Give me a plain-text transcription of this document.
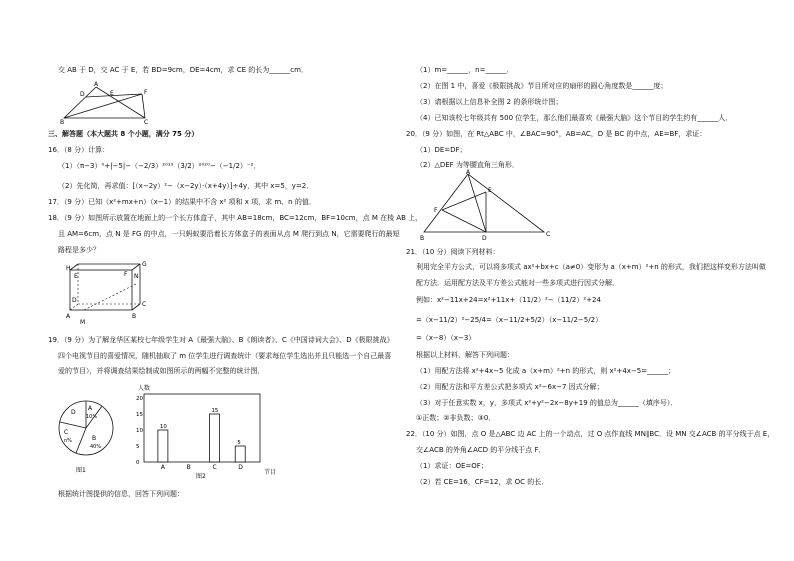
交 AB 于 D，交 AC 于 E，若 BD=9cm，DE=4cm，求 CE 的长为______cm．
A
D	E	F
B	C
三、解答题（本大题共 8 个小题，满分 75 分）
16．（8 分）计算：
（1）（π−3）⁰+|−5|−（−2/3）²⁰¹⁹（3/2）²⁰²⁰−（−1/2）⁻²．
（2）先化简，再求值：[（x−2y）²−（x−2y）·（x+4y）]÷4y，其中 x=5，y=2．
17．（9 分）已知（x²+mx+n）（x−1）的结果中不含 x² 项和 x 项，求 m、n 的值．
18．（9 分）如图所示放置在地面上的一个长方体盒子，其中 AB=18cm，BC=12cm，BF=10cm，点 M 在棱 AB 上，
且 AM=6cm，点 N 是 FG 的中点，一只蚂蚁要沿着长方体盒子的表面从点 M 爬行到点 N，它需要爬行的最短
路程是多少？
H
G
N
F
E
D
C
A	B
M
19．（9 分）为了解龙华区某校七年级学生对 A《最强大脑》、B《朗读者》、C《中国诗词大会》、D《极限挑战》
四个电视节目的喜爱情况，随机抽取了 m 位学生进行调查统计（要求每位学生选出并且只能选一个自己最喜
爱的节目），并将调查结果绘制成如图所示的两幅不完整的统计图．
D
A
10%
C
n%	B
40%
图1
0
5
10
15
20
人数
节目
10
A	B
15
C
5
D
图2
根据统计图提供的信息，回答下列问题：
（1）m=______，n=______．
（2）在图 1 中，喜爱《极限挑战》节目所对应的扇形的圆心角度数是______度；
（3）请根据以上信息补全图 2 的条形统计图；
（4）已知该校七年级共有 500 位学生，那么他们最喜欢《最强大脑》这个节目的学生约有______人．
20．（9 分）如图，在 Rt△ABC 中，∠BAC=90°，AB=AC，D 是 BC 的中点，AE=BF，求证：
（1）DE=DF；
（2）△DEF 为等腰直角三角形．
A
E
F
B	D
C
21．（10 分）阅读下列材料：
利用完全平方公式，可以将多项式 ax²+bx+c（a≠0）变形为 a（x+m）²+n 的形式，我们把这样变形方法叫做
配方法．运用配方法及平方差公式能对一些多项式进行因式分解．
例如：x²−11x+24=x²+11x+（11/2）²−（11/2）²+24
=（x−11/2）²−25/4=（x−11/2+5/2）（x−11/2−5/2）
=（x−8）（x−3）
根据以上材料，解答下列问题：
（1）用配方法将 x²+4x−5 化成 a（x+m）²+n 的形式，则 x²+4x−5=______；
（2）用配方法和平方差公式把多项式 x²−6x−7 因式分解；
（3）对于任意实数 x，y，多项式 x²+y²−2x−8y+19 的值总为______（填序号）．
①正数；②非负数；③0．
22．（10 分）如图，点 O 是△ABC 边 AC 上的一个动点，过 O 点作直线 MN∥BC．设 MN 交∠ACB 的平分线于点 E，
交∠ACB 的外角∠ACD 的平分线于点 F．
（1）求证：OE=OF；
（2）若 CE=16，CF=12，求 OC 的长．
